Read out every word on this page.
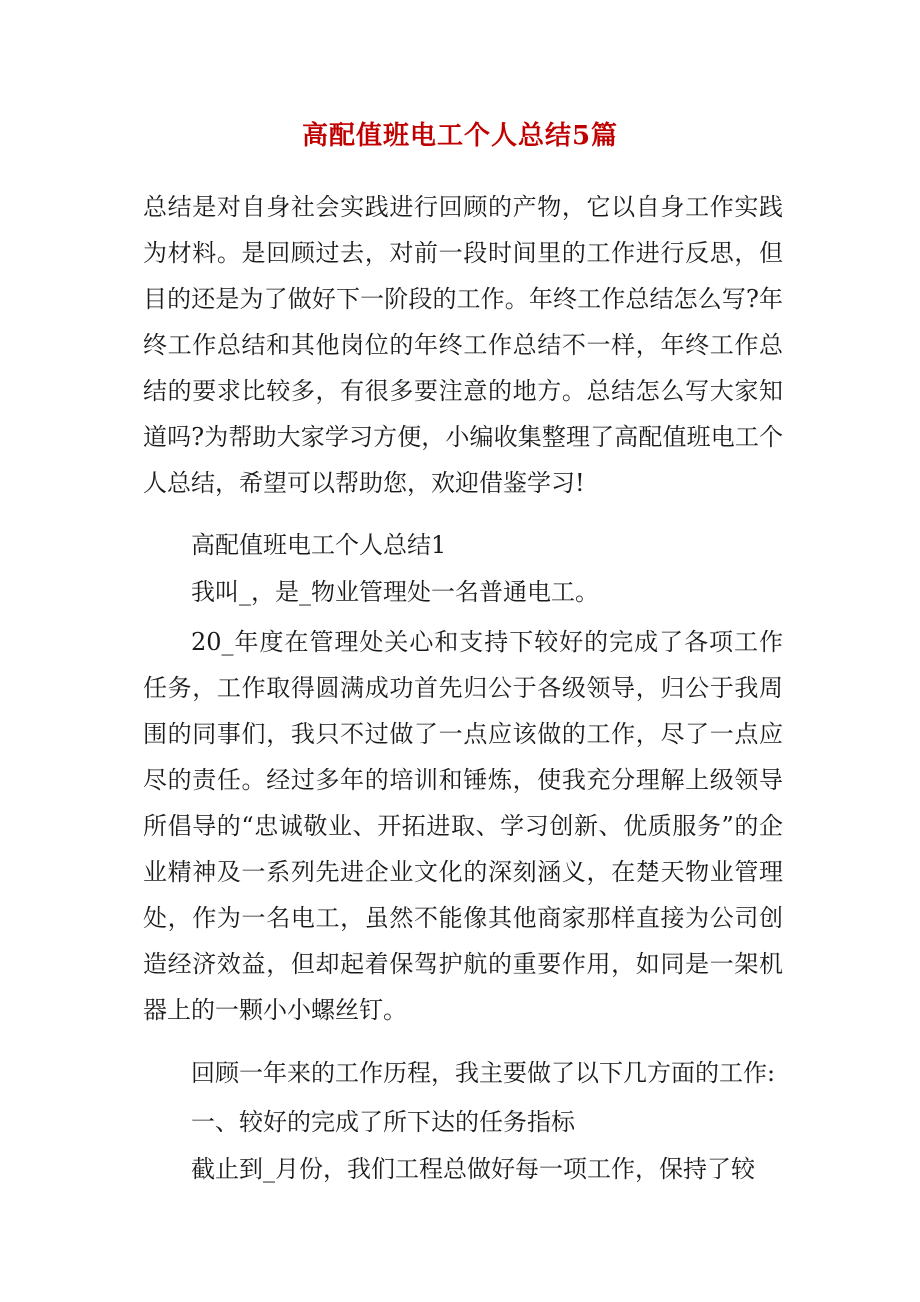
高配值班电工个人总结5篇
总结是对自身社会实践进行回顾的产物，它以自身工作实践为材料。是回顾过去，对前一段时间里的工作进行反思，但目的还是为了做好下一阶段的工作。年终工作总结怎么写?年终工作总结和其他岗位的年终工作总结不一样，年终工作总结的要求比较多，有很多要注意的地方。总结怎么写大家知道吗?为帮助大家学习方便，小编收集整理了高配值班电工个人总结，希望可以帮助您，欢迎借鉴学习!
高配值班电工个人总结1
我叫_，是_物业管理处一名普通电工。
20_年度在管理处关心和支持下较好的完成了各项工作任务，工作取得圆满成功首先归公于各级领导，归公于我周围的同事们，我只不过做了一点应该做的工作，尽了一点应尽的责任。经过多年的培训和锤炼，使我充分理解上级领导所倡导的“忠诚敬业、开拓进取、学习创新、优质服务”的企业精神及一系列先进企业文化的深刻涵义，在楚天物业管理处，作为一名电工，虽然不能像其他商家那样直接为公司创造经济效益，但却起着保驾护航的重要作用，如同是一架机器上的一颗小小螺丝钉。
回顾一年来的工作历程，我主要做了以下几方面的工作:
一、较好的完成了所下达的任务指标
截止到_月份，我们工程总做好每一项工作，保持了较
